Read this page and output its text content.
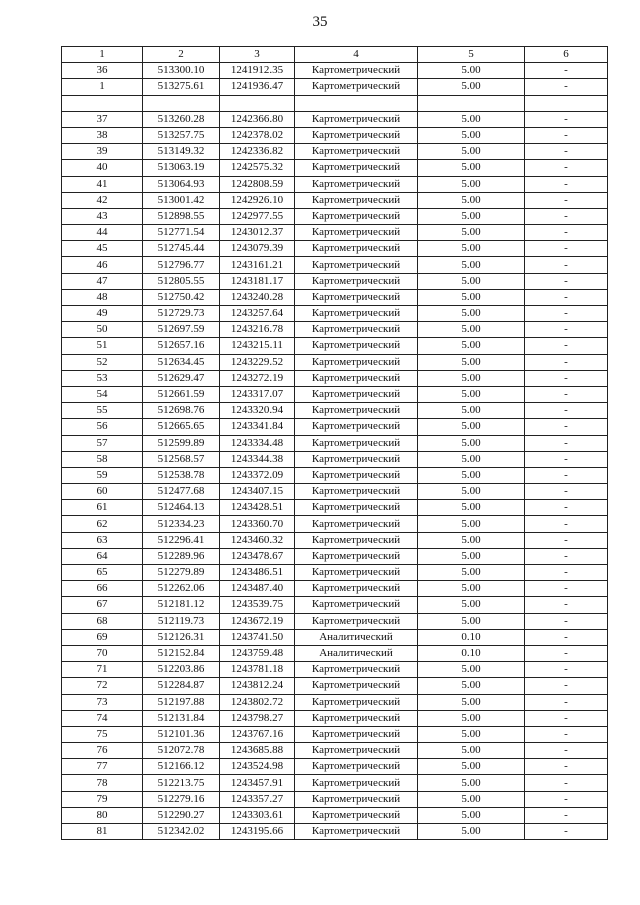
35
1	2	3	4	5	6
36	513300.10	1241912.35	Картометрический	5.00	-
1	513275.61	1241936.47	Картометрический	5.00	-

37	513260.28	1242366.80	Картометрический	5.00	-
38	513257.75	1242378.02	Картометрический	5.00	-
39	513149.32	1242336.82	Картометрический	5.00	-
40	513063.19	1242575.32	Картометрический	5.00	-
41	513064.93	1242808.59	Картометрический	5.00	-
42	513001.42	1242926.10	Картометрический	5.00	-
43	512898.55	1242977.55	Картометрический	5.00	-
44	512771.54	1243012.37	Картометрический	5.00	-
45	512745.44	1243079.39	Картометрический	5.00	-
46	512796.77	1243161.21	Картометрический	5.00	-
47	512805.55	1243181.17	Картометрический	5.00	-
48	512750.42	1243240.28	Картометрический	5.00	-
49	512729.73	1243257.64	Картометрический	5.00	-
50	512697.59	1243216.78	Картометрический	5.00	-
51	512657.16	1243215.11	Картометрический	5.00	-
52	512634.45	1243229.52	Картометрический	5.00	-
53	512629.47	1243272.19	Картометрический	5.00	-
54	512661.59	1243317.07	Картометрический	5.00	-
55	512698.76	1243320.94	Картометрический	5.00	-
56	512665.65	1243341.84	Картометрический	5.00	-
57	512599.89	1243334.48	Картометрический	5.00	-
58	512568.57	1243344.38	Картометрический	5.00	-
59	512538.78	1243372.09	Картометрический	5.00	-
60	512477.68	1243407.15	Картометрический	5.00	-
61	512464.13	1243428.51	Картометрический	5.00	-
62	512334.23	1243360.70	Картометрический	5.00	-
63	512296.41	1243460.32	Картометрический	5.00	-
64	512289.96	1243478.67	Картометрический	5.00	-
65	512279.89	1243486.51	Картометрический	5.00	-
66	512262.06	1243487.40	Картометрический	5.00	-
67	512181.12	1243539.75	Картометрический	5.00	-
68	512119.73	1243672.19	Картометрический	5.00	-
69	512126.31	1243741.50	Аналитический	0.10	-
70	512152.84	1243759.48	Аналитический	0.10	-
71	512203.86	1243781.18	Картометрический	5.00	-
72	512284.87	1243812.24	Картометрический	5.00	-
73	512197.88	1243802.72	Картометрический	5.00	-
74	512131.84	1243798.27	Картометрический	5.00	-
75	512101.36	1243767.16	Картометрический	5.00	-
76	512072.78	1243685.88	Картометрический	5.00	-
77	512166.12	1243524.98	Картометрический	5.00	-
78	512213.75	1243457.91	Картометрический	5.00	-
79	512279.16	1243357.27	Картометрический	5.00	-
80	512290.27	1243303.61	Картометрический	5.00	-
81	512342.02	1243195.66	Картометрический	5.00	-
